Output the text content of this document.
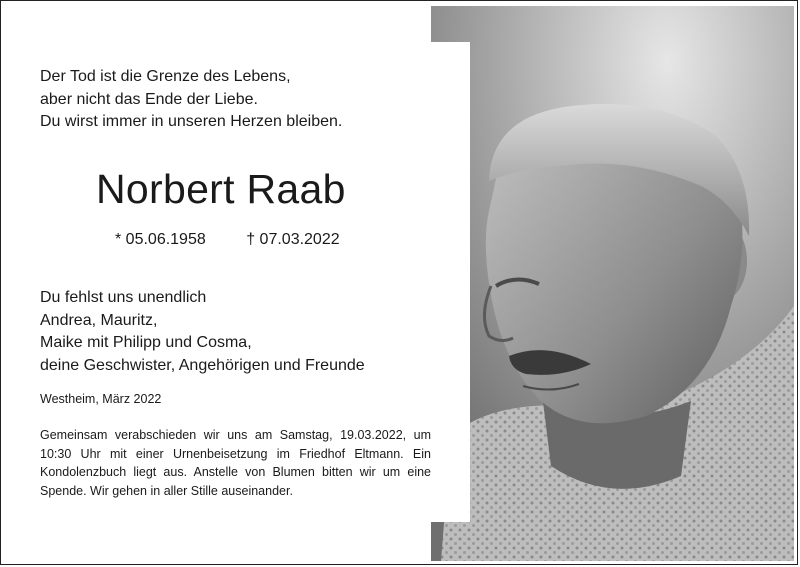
Der Tod ist die Grenze des Lebens,
aber nicht das Ende der Liebe.
Du wirst immer in unseren Herzen bleiben.
Norbert Raab
* 05.06.1958	† 07.03.2022
Du fehlst uns unendlich
Andrea, Mauritz,
Maike mit Philipp und Cosma,
deine Geschwister, Angehörigen und Freunde
Westheim, März 2022
Gemeinsam verabschieden wir uns am Samstag, 19.03.2022, um 10:30 Uhr mit einer Urnenbeisetzung im Friedhof Eltmann. Ein Kondolenzbuch liegt aus. Anstelle von Blumen bitten wir um eine Spende. Wir gehen in aller Stille auseinander.
